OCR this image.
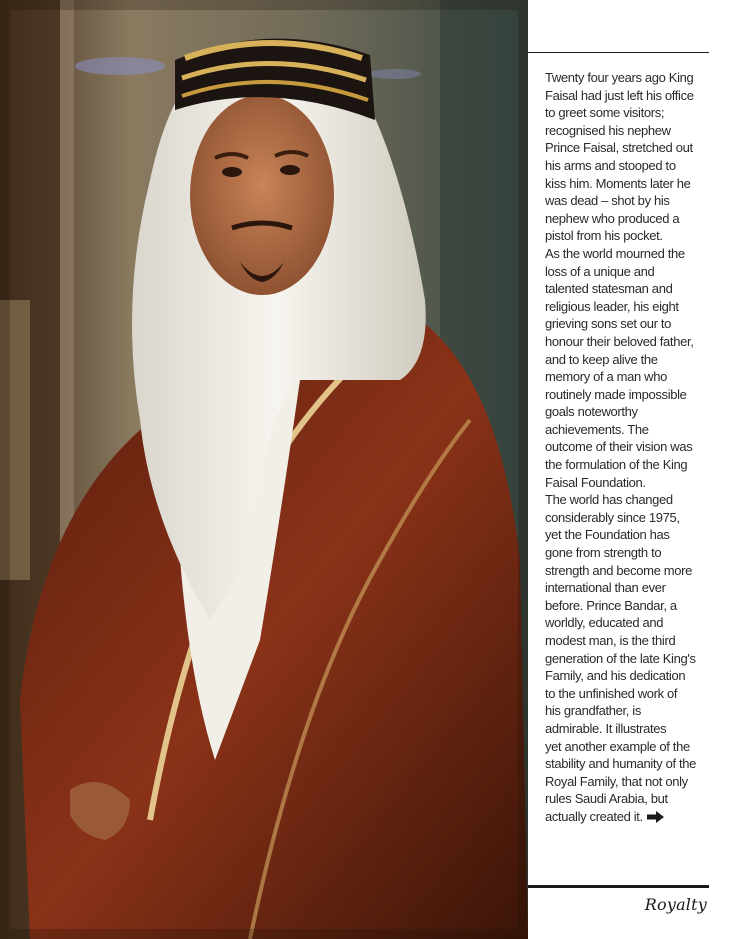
Twenty four years ago King
Faisal had just left his office
to greet some visitors;
recognised his nephew
Prince Faisal, stretched out
his arms and stooped to
kiss him. Moments later he
was dead – shot by his
nephew who produced a
pistol from his pocket.
As the world mourned the
loss of a unique and
talented statesman and
religious leader, his eight
grieving sons set our to
honour their beloved father,
and to keep alive the
memory of a man who
routinely made impossible
goals noteworthy
achievements. The
outcome of their vision was
the formulation of the King
Faisal Foundation.
The world has changed
considerably since 1975,
yet the Foundation has
gone from strength to
strength and become more
international than ever
before. Prince Bandar, a
worldly, educated and
modest man, is the third
generation of the late King's
Family, and his dedication
to the unfinished work of
his grandfather, is
admirable. It illustrates
yet another example of the
stability and humanity of the
Royal Family, that not only
rules Saudi Arabia, but
actually created it.

Royalty
